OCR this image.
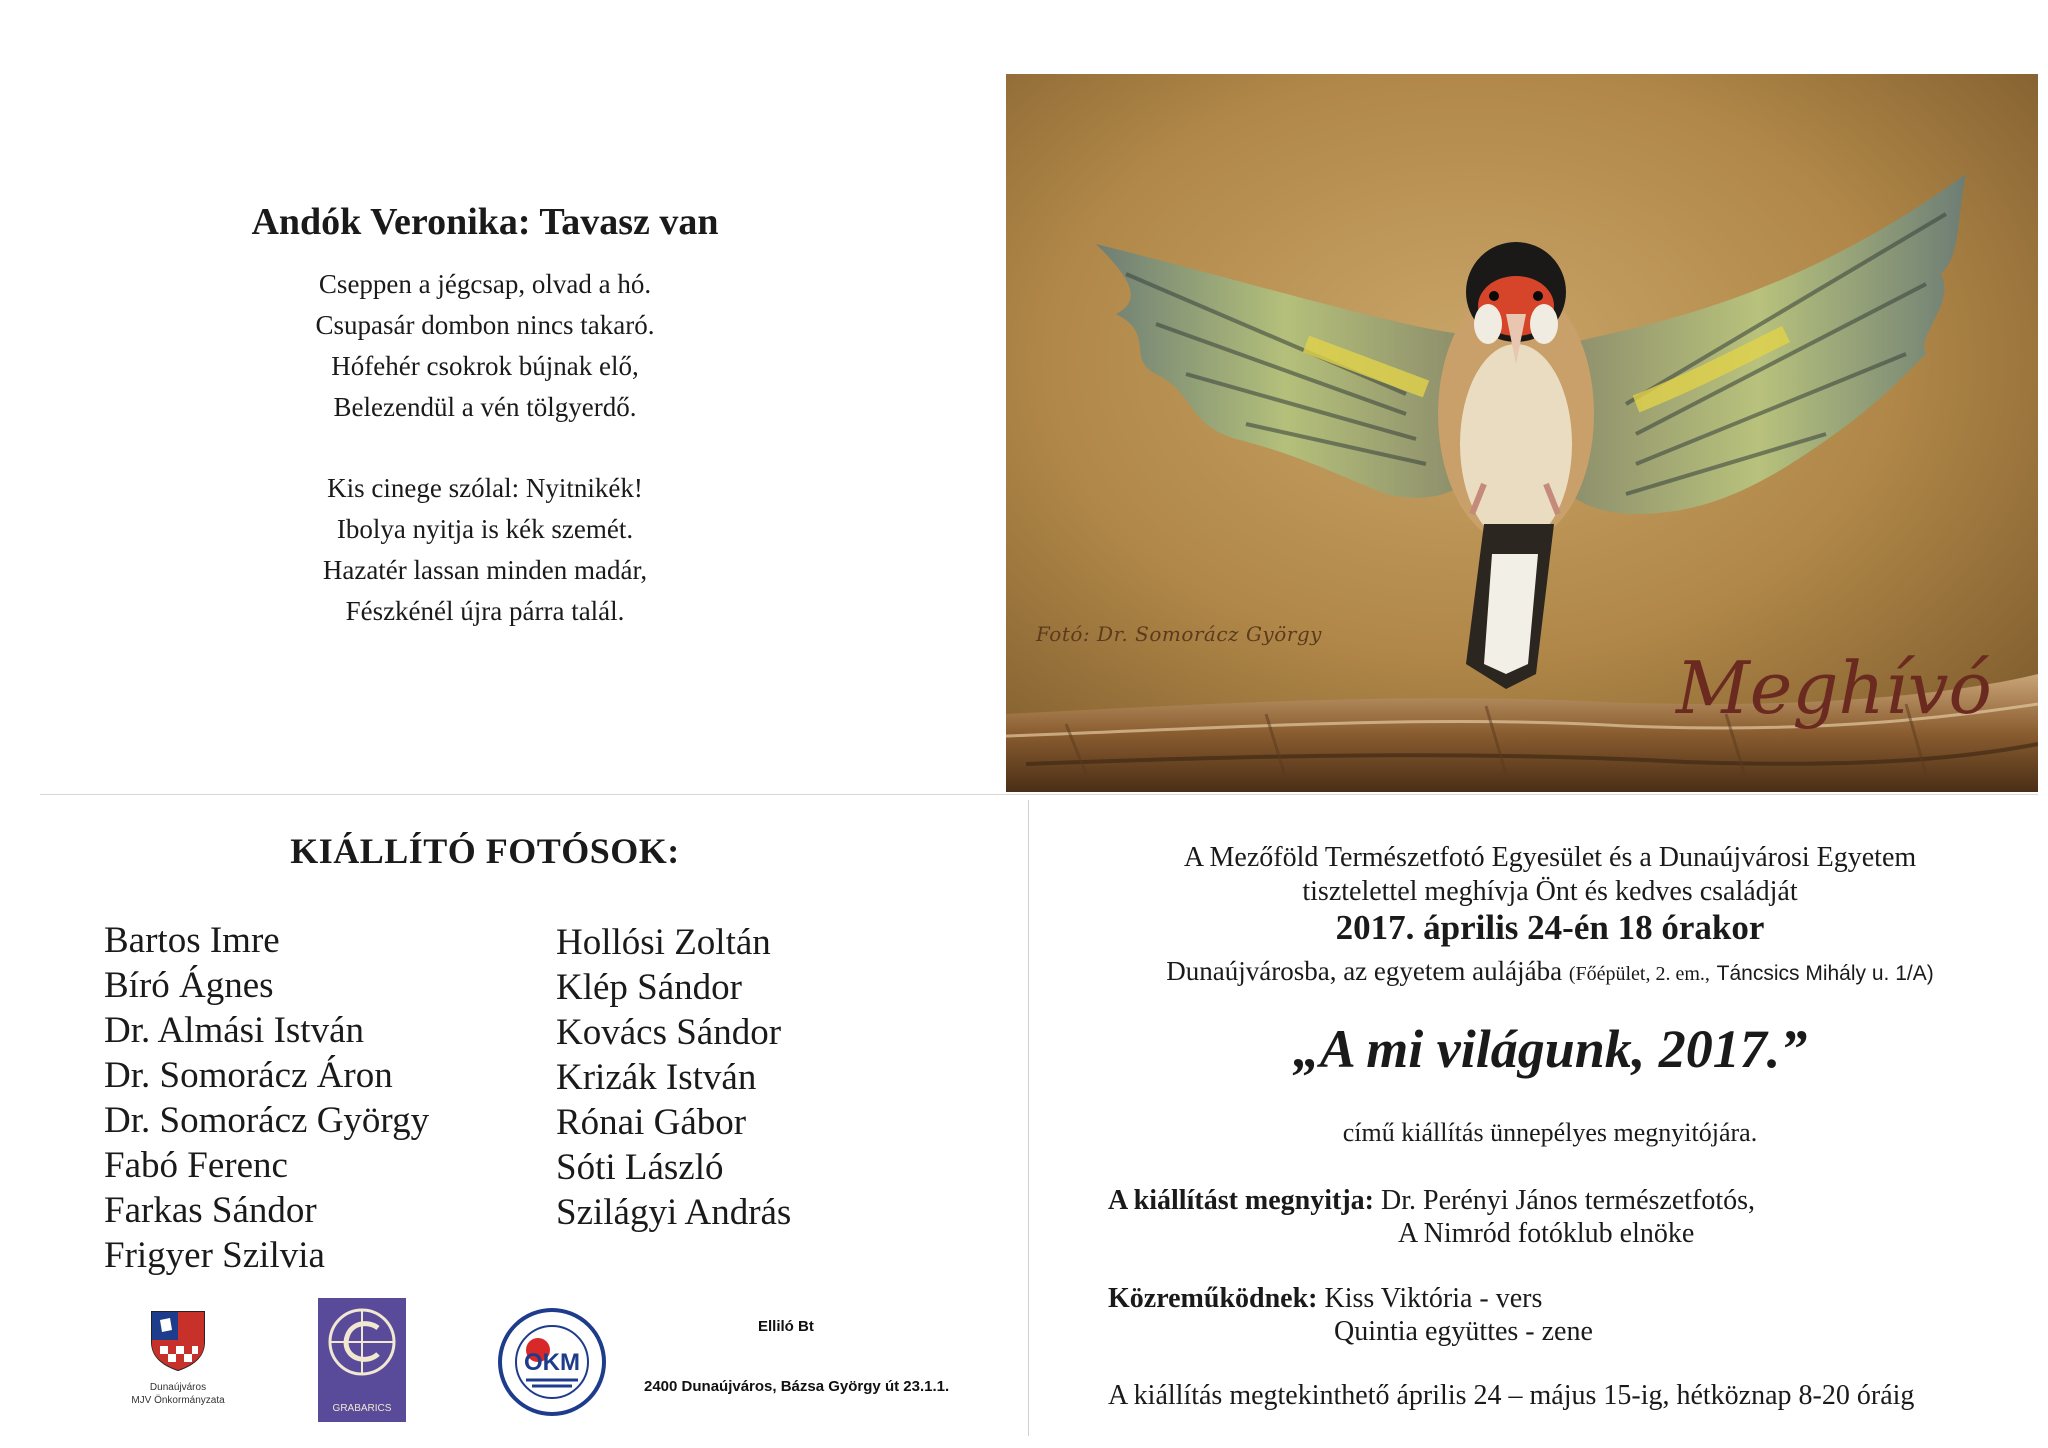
Andók Veronika: Tavasz van
Cseppen a jégcsap, olvad a hó.
Csupasár dombon nincs takaró.
Hófehér csokrok bújnak elő,
Belezendül a vén tölgyerdő.
Kis cinege szólal: Nyitnikék!
Ibolya nyitja is kék szemét.
Hazatér lassan minden madár,
Fészkénél újra párra talál.
Fotó: Dr. Somorácz György
Meghívó
KIÁLLÍTÓ FOTÓSOK:
Bartos Imre
Bíró Ágnes
Dr. Almási István
Dr. Somorácz Áron
Dr. Somorácz György
Fabó Ferenc
Farkas Sándor
Frigyer Szilvia
Hollósi Zoltán
Klép Sándor
Kovács Sándor
Krizák István
Rónai Gábor
Sóti László
Szilágyi András
Dunaújváros
MJV Önkormányzata
GRABARICS
OKM
Elliló Bt
2400 Dunaújváros, Bázsa György út 23.1.1.
A Mezőföld Természetfotó Egyesület és a Dunaújvárosi Egyetem
tisztelettel meghívja Önt és kedves családját
2017. április 24-én 18 órakor
Dunaújvárosba, az egyetem aulájába (Főépület, 2. em., Táncsics Mihály u. 1/A)
„A mi világunk, 2017.”
című kiállítás ünnepélyes megnyitójára.
A kiállítást megnyitja: Dr. Perényi János természetfotós,
A Nimród fotóklub elnöke
Közreműködnek: Kiss Viktória - vers
Quintia együttes - zene
A kiállítás megtekinthető április 24 – május 15-ig, hétköznap 8-20 óráig
